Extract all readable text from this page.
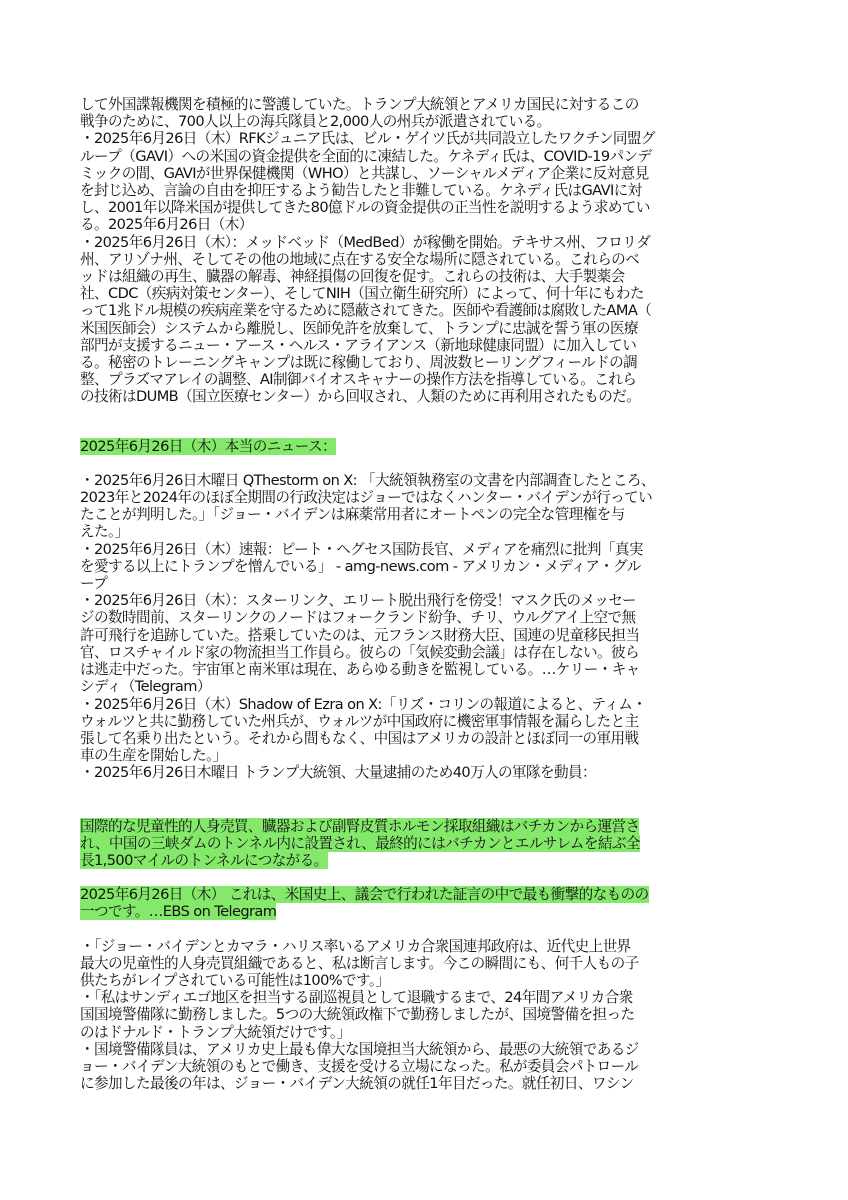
して外国諜報機関を積極的に警護していた。トランプ大統領とアメリカ国民に対するこの
戦争のために、700人以上の海兵隊員と2,000人の州兵が派遣されている。
・2025年6月26日（木）RFKジュニア氏は、ビル・ゲイツ氏が共同設立したワクチン同盟グ
ループ（GAVI）への米国の資金提供を全面的に凍結した。ケネディ氏は、COVID-19パンデ
ミックの間、GAVIが世界保健機関（WHO）と共謀し、ソーシャルメディア企業に反対意見
を封じ込め、言論の自由を抑圧するよう勧告したと非難している。ケネディ氏はGAVIに対
し、2001年以降米国が提供してきた80億ドルの資金提供の正当性を説明するよう求めてい
る。2025年6月26日（木）
・2025年6月26日（木）：メッドベッド（MedBed）が稼働を開始。テキサス州、フロリダ
州、アリゾナ州、そしてその他の地域に点在する安全な場所に隠されている。これらのベ
ッドは組織の再生、臓器の解毒、神経損傷の回復を促す。これらの技術は、大手製薬会
社、CDC（疾病対策センター）、そしてNIH（国立衛生研究所）によって、何十年にもわた
って1兆ドル規模の疾病産業を守るために隠蔽されてきた。医師や看護師は腐敗したAMA（
米国医師会）システムから離脱し、医師免許を放棄して、トランプに忠誠を誓う軍の医療
部門が支援するニュー・アース・ヘルス・アライアンス（新地球健康同盟）に加入してい
る。秘密のトレーニングキャンプは既に稼働しており、周波数ヒーリングフィールドの調
整、プラズマアレイの調整、AI制御バイオスキャナーの操作方法を指導している。これら
の技術はDUMB（国立医療センター）から回収され、人類のために再利用されたものだ。
2025年6月26日（木）本当のニュース：
・2025年6月26日木曜日 QThestorm on X: 「大統領執務室の文書を内部調査したところ、
2023年と2024年のほぼ全期間の行政決定はジョーではなくハンター・バイデンが行ってい
たことが判明した。」「ジョー・バイデンは麻薬常用者にオートペンの完全な管理権を与
えた。」
・2025年6月26日（木）速報：ピート・ヘグセス国防長官、メディアを痛烈に批判「真実
を愛する以上にトランプを憎んでいる」 - amg-news.com - アメリカン・メディア・グル
ープ
・2025年6月26日（木）：スターリンク、エリート脱出飛行を傍受！マスク氏のメッセー
ジの数時間前、スターリンクのノードはフォークランド紛争、チリ、ウルグアイ上空で無
許可飛行を追跡していた。搭乗していたのは、元フランス財務大臣、国連の児童移民担当
官、ロスチャイルド家の物流担当工作員ら。彼らの「気候変動会議」は存在しない。彼ら
は逃走中だった。宇宙軍と南米軍は現在、あらゆる動きを監視している。…ケリー・キャ
シディ（Telegram）
・2025年6月26日（木）Shadow of Ezra on X:「リズ・コリンの報道によると、ティム・
ウォルツと共に勤務していた州兵が、ウォルツが中国政府に機密軍事情報を漏らしたと主
張して名乗り出たという。それから間もなく、中国はアメリカの設計とほぼ同一の軍用戦
車の生産を開始した。」
・2025年6月26日木曜日 トランプ大統領、大量逮捕のため40万人の軍隊を動員：
国際的な児童性的人身売買、臓器および副腎皮質ホルモン採取組織はバチカンから運営さ
れ、中国の三峡ダムのトンネル内に設置され、最終的にはバチカンとエルサレムを結ぶ全
長1,500マイルのトンネルにつながる。
2025年6月26日（木） これは、米国史上、議会で行われた証言の中で最も衝撃的なものの
一つです。…EBS on Telegram
・「ジョー・バイデンとカマラ・ハリス率いるアメリカ合衆国連邦政府は、近代史上世界
最大の児童性的人身売買組織であると、私は断言します。今この瞬間にも、何千人もの子
供たちがレイプされている可能性は100%です。」
・「私はサンディエゴ地区を担当する副巡視員として退職するまで、24年間アメリカ合衆
国国境警備隊に勤務しました。5つの大統領政権下で勤務しましたが、国境警備を担った
のはドナルド・トランプ大統領だけです。」
・国境警備隊員は、アメリカ史上最も偉大な国境担当大統領から、最悪の大統領であるジ
ョー・バイデン大統領のもとで働き、支援を受ける立場になった。私が委員会パトロール
に参加した最後の年は、ジョー・バイデン大統領の就任1年目だった。就任初日、ワシン
